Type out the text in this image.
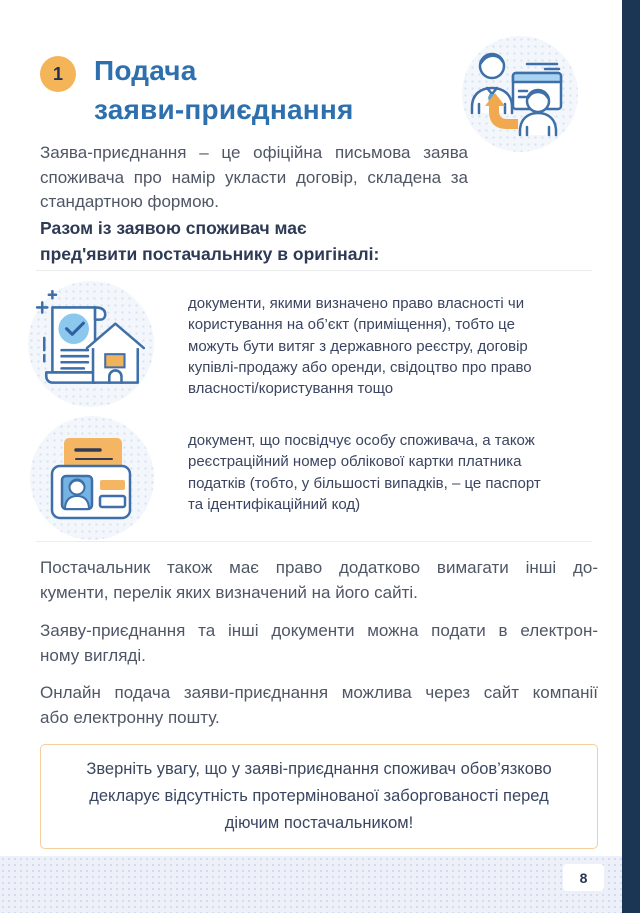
1	Подача
заяви-приєднання
Заява-приєднання – це офіційна письмова заява
споживача про намір укласти договір, складена за
стандартною формою.
Разом із заявою споживач має
пред'явити постачальнику в оригіналі:
документи, якими визначено право власності чи
користування на об’єкт (приміщення), тобто це
можуть бути витяг з державного реєстру, договір
купівлі-продажу або оренди, свідоцтво про право
власності/користування тощо
документ, що посвідчує особу споживача, а також
реєстраційний номер облікової картки платника
податків (тобто, у більшості випадків, – це паспорт
та ідентифікаційний код)
Постачальник також має право додатково вимагати інші до-
кументи, перелік яких визначений на його сайті.
Заяву-приєднання та інші документи можна подати в електрон-
ному вигляді.
Онлайн подача заяви-приєднання можлива через сайт компанії
або електронну пошту.
Зверніть увагу, що у заяві-приєднання споживач обов’язково
декларує відсутність протермінованої заборгованості перед
діючим постачальником!
8
